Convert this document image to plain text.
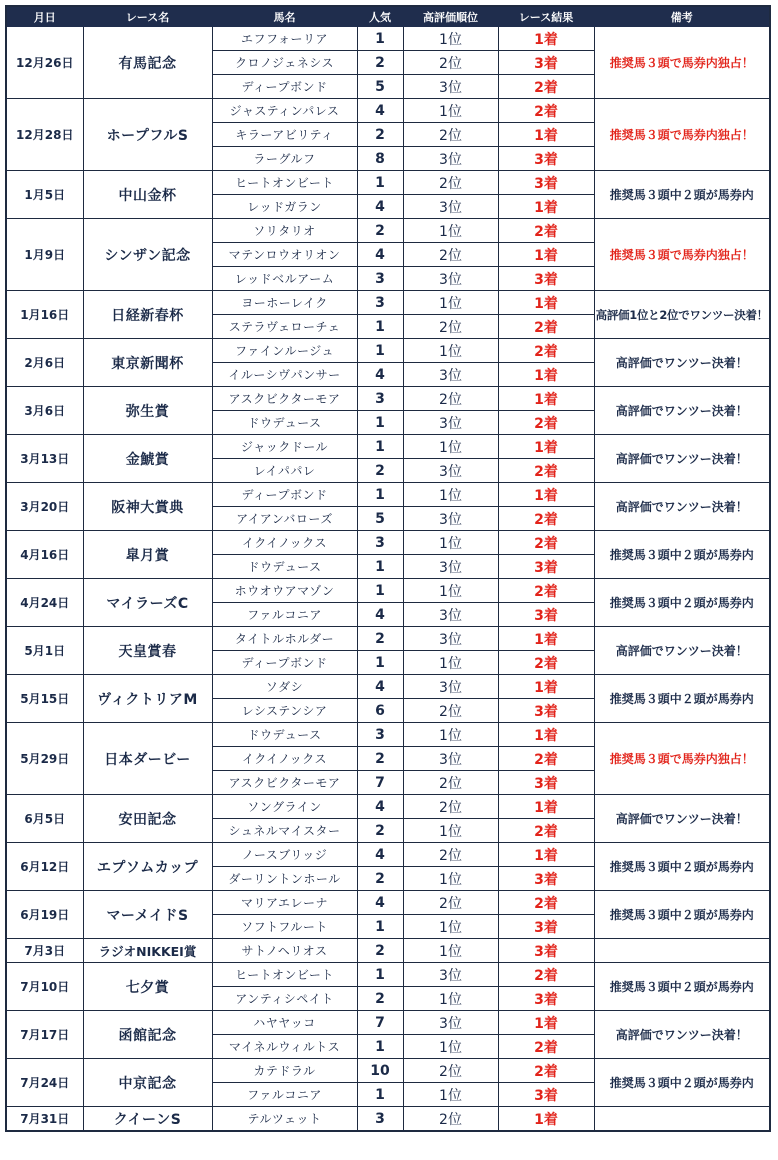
月日	レース名	馬名	人気	高評価順位	レース結果	備考
12月26日	有馬記念	エフフォーリア	1	1位	1着	推奨馬３頭で馬券内独占！
		クロノジェネシス	2	2位	3着	
		ディープボンド	5	3位	2着	
12月28日	ホープフルS	ジャスティンパレス	4	1位	2着	推奨馬３頭で馬券内独占！
		キラーアビリティ	2	2位	1着	
		ラーグルフ	8	3位	3着	
1月5日	中山金杯	ヒートオンビート	1	2位	3着	推奨馬３頭中２頭が馬券内
		レッドガラン	4	3位	1着	
1月9日	シンザン記念	ソリタリオ	2	1位	2着	推奨馬３頭で馬券内独占！
		マテンロウオリオン	4	2位	1着	
		レッドベルアーム	3	3位	3着	
1月16日	日経新春杯	ヨーホーレイク	3	1位	1着	高評価1位と2位でワンツー決着！
		ステラヴェローチェ	1	2位	2着	
2月6日	東京新聞杯	ファインルージュ	1	1位	2着	高評価でワンツー決着！
		イルーシヴパンサー	4	3位	1着	
3月6日	弥生賞	アスクビクターモア	3	2位	1着	高評価でワンツー決着！
		ドウデュース	1	3位	2着	
3月13日	金鯱賞	ジャックドール	1	1位	1着	高評価でワンツー決着！
		レイパパレ	2	3位	2着	
3月20日	阪神大賞典	ディープボンド	1	1位	1着	高評価でワンツー決着！
		アイアンバローズ	5	3位	2着	
4月16日	皐月賞	イクイノックス	3	1位	2着	推奨馬３頭中２頭が馬券内
		ドウデュース	1	3位	3着	
4月24日	マイラーズC	ホウオウアマゾン	1	1位	2着	推奨馬３頭中２頭が馬券内
		ファルコニア	4	3位	3着	
5月1日	天皇賞春	タイトルホルダー	2	3位	1着	高評価でワンツー決着！
		ディープボンド	1	1位	2着	
5月15日	ヴィクトリアM	ソダシ	4	3位	1着	推奨馬３頭中２頭が馬券内
		レシステンシア	6	2位	3着	
5月29日	日本ダービー	ドウデュース	3	1位	1着	推奨馬３頭で馬券内独占！
		イクイノックス	2	3位	2着	
		アスクビクターモア	7	2位	3着	
6月5日	安田記念	ソングライン	4	2位	1着	高評価でワンツー決着！
		シュネルマイスター	2	1位	2着	
6月12日	エプソムカップ	ノースブリッジ	4	2位	1着	推奨馬３頭中２頭が馬券内
		ダーリントンホール	2	1位	3着	
6月19日	マーメイドS	マリアエレーナ	4	2位	2着	推奨馬３頭中２頭が馬券内
		ソフトフルート	1	1位	3着	
7月3日	ラジオNIKKEI賞	サトノヘリオス	2	1位	3着	
7月10日	七夕賞	ヒートオンビート	1	3位	2着	推奨馬３頭中２頭が馬券内
		アンティシペイト	2	1位	3着	
7月17日	函館記念	ハヤヤッコ	7	3位	1着	高評価でワンツー決着！
		マイネルウィルトス	1	1位	2着	
7月24日	中京記念	カテドラル	10	2位	2着	推奨馬３頭中２頭が馬券内
		ファルコニア	1	1位	3着	
7月31日	クイーンS	テルツェット	3	2位	1着	
